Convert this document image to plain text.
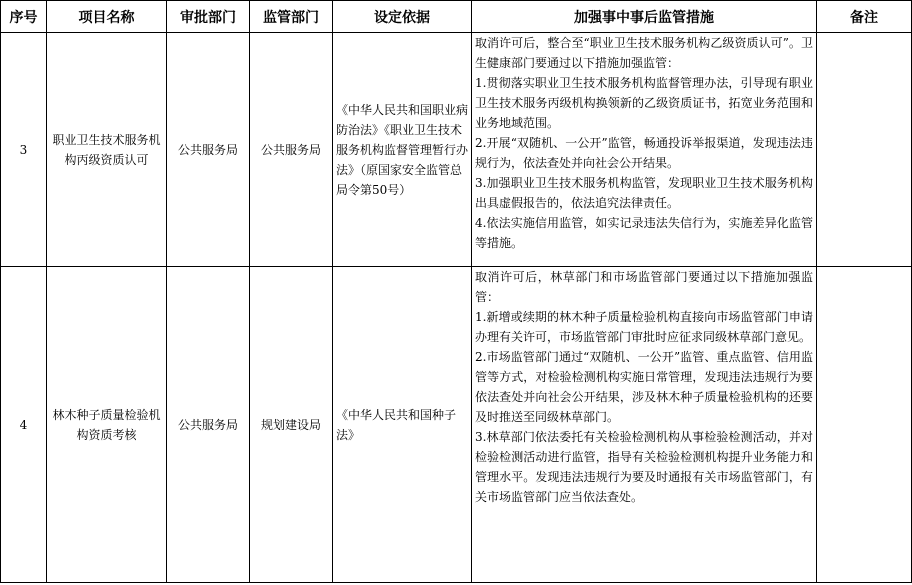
序号	项目名称	审批部门	监管部门	设定依据	加强事中事后监管措施	备注
3	职业卫生技术服务机构丙级资质认可	公共服务局	公共服务局	《中华人民共和国职业病防治法》《职业卫生技术服务机构监督管理暂行办法》（原国家安全监管总局令第50号）	取消许可后，整合至“职业卫生技术服务机构乙级资质认可”。卫生健康部门要通过以下措施加强监管：
1.贯彻落实职业卫生技术服务机构监督管理办法，引导现有职业卫生技术服务丙级机构换领新的乙级资质证书，拓宽业务范围和业务地域范围。
2.开展“双随机、一公开”监管，畅通投诉举报渠道，发现违法违规行为，依法查处并向社会公开结果。
3.加强职业卫生技术服务机构监管，发现职业卫生技术服务机构出具虚假报告的，依法追究法律责任。
4.依法实施信用监管，如实记录违法失信行为，实施差异化监管等措施。	

4	林木种子质量检验机构资质考核	公共服务局	规划建设局	《中华人民共和国种子法》	取消许可后，林草部门和市场监管部门要通过以下措施加强监管：
1.新增或续期的林木种子质量检验机构直接向市场监管部门申请办理有关许可，市场监管部门审批时应征求同级林草部门意见。
2.市场监管部门通过“双随机、一公开”监管、重点监管、信用监管等方式，对检验检测机构实施日常管理，发现违法违规行为要依法查处并向社会公开结果，涉及林木种子质量检验机构的还要及时推送至同级林草部门。
3.林草部门依法委托有关检验检测机构从事检验检测活动，并对检验检测活动进行监管，指导有关检验检测机构提升业务能力和管理水平。发现违法违规行为要及时通报有关市场监管部门，有关市场监管部门应当依法查处。	
